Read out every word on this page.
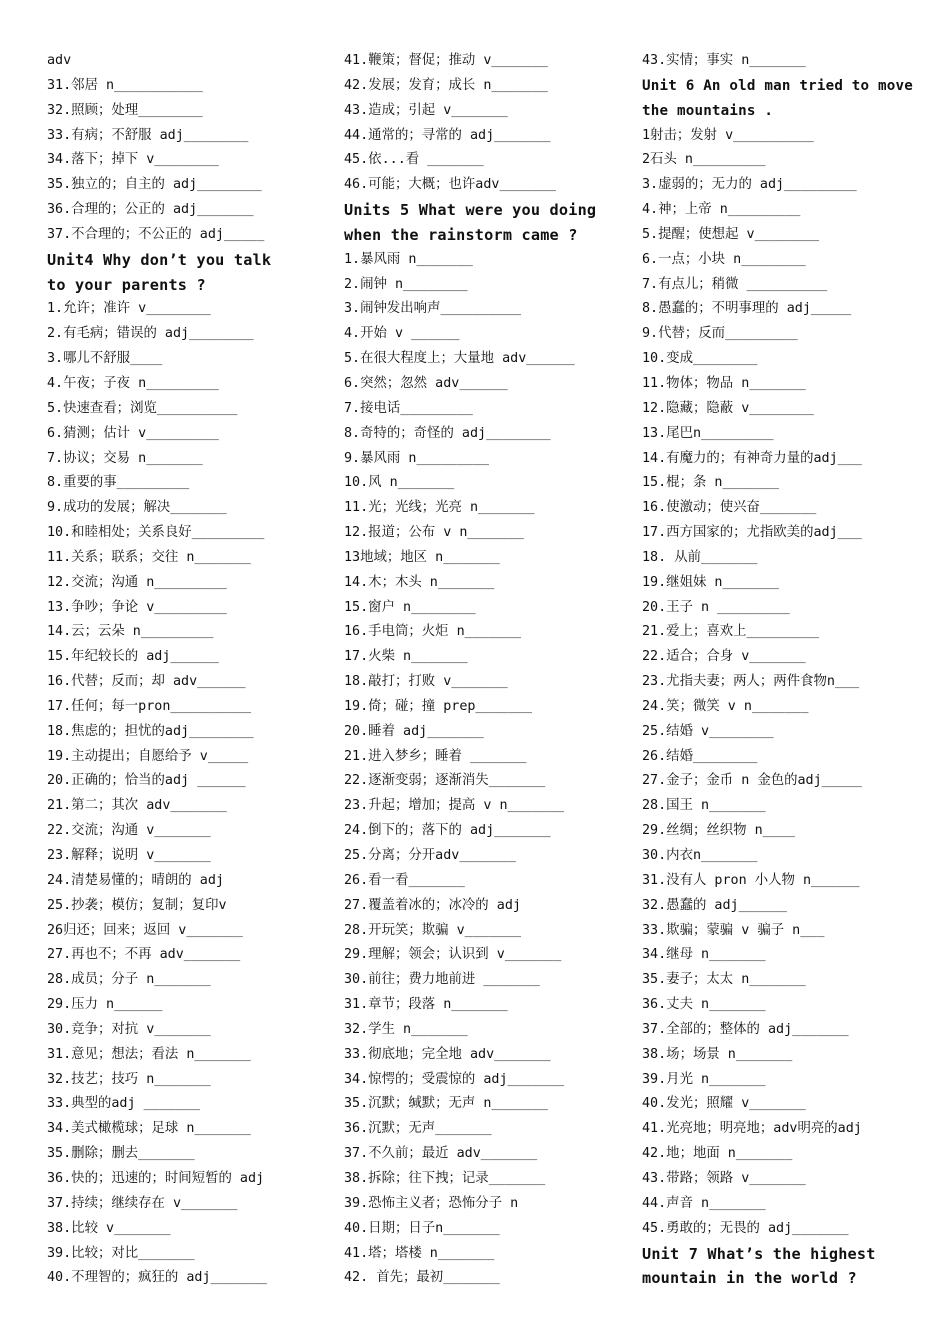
adv
31.邻居 n___________
32.照顾；处理________
33.有病；不舒服 adj________
34.落下；掉下 v________
35.独立的；自主的 adj________
36.合理的；公正的 adj_______
37.不合理的；不公正的 adj_____
Unit4 Why don’t you talk
to your parents ?
1.允许；准许 v________
2.有毛病；错误的 adj________
3.哪儿不舒服____
4.午夜；子夜 n_________
5.快速查看；浏览__________
6.猜测；估计 v_________
7.协议；交易 n_______
8.重要的事_________
9.成功的发展；解决_______
10.和睦相处；关系良好_________
11.关系；联系；交往 n_______
12.交流；沟通 n_________
13.争吵；争论 v_________
14.云；云朵 n_________
15.年纪较长的 adj______
16.代替；反而；却 adv______
17.任何；每一pron__________
18.焦虑的；担忧的adj________
19.主动提出；自愿给予 v_____
20.正确的；恰当的adj ______
21.第二；其次 adv_______
22.交流；沟通 v_______
23.解释；说明 v_______
24.清楚易懂的；晴朗的 adj
25.抄袭；模仿；复制；复印v
26归还；回来；返回 v_______
27.再也不；不再 adv_______
28.成员；分子 n_______
29.压力 n______
30.竞争；对抗 v_______
31.意见；想法；看法 n_______
32.技艺；技巧 n_______
33.典型的adj _______
34.美式橄榄球；足球 n_______
35.删除；删去_______
36.快的；迅速的；时间短暂的 adj
37.持续；继续存在 v_______
38.比较 v_______
39.比较；对比_______
40.不理智的；疯狂的 adj_______
41.鞭策；督促；推动 v_______
42.发展；发育；成长 n_______
43.造成；引起 v_______
44.通常的；寻常的 adj_______
45.依...看 _______
46.可能；大概；也许adv_______
Units 5 What were you doing
when the rainstorm came ?
1.暴风雨 n_______
2.闹钟 n________
3.闹钟发出响声__________
4.开始 v ______
5.在很大程度上；大量地 adv______
6.突然；忽然 adv______
7.接电话_________
8.奇特的；奇怪的 adj________
9.暴风雨 n_________
10.风 n_______
11.光；光线；光亮 n_______
12.报道；公布 v n_______
13地域；地区 n_______
14.木；木头 n_______
15.窗户 n________
16.手电筒；火炬 n_______
17.火柴 n_______
18.敲打；打败 v_______
19.倚；碰；撞 prep_______
20.睡着 adj_______
21.进入梦乡；睡着 _______
22.逐渐变弱；逐渐消失_______
23.升起；增加；提高 v n_______
24.倒下的；落下的 adj_______
25.分离；分开adv_______
26.看一看_______
27.覆盖着冰的；冰冷的 adj
28.开玩笑；欺骗 v_______
29.理解；领会；认识到 v_______
30.前往；费力地前进 _______
31.章节；段落 n_______
32.学生 n_______
33.彻底地；完全地 adv_______
34.惊愕的；受震惊的 adj_______
35.沉默；缄默；无声 n_______
36.沉默；无声_______
37.不久前；最近 adv_______
38.拆除；往下拽；记录_______
39.恐怖主义者；恐怖分子 n
40.日期；日子n_______
41.塔；塔楼 n_______
42. 首先；最初_______
43.实情；事实 n_______
Unit 6 An old man tried to move
the mountains .
1射击；发射 v__________
2石头 n_________
3.虚弱的；无力的 adj_________
4.神；上帝 n_________
5.提醒；使想起 v________
6.一点；小块 n________
7.有点儿；稍微 __________
8.愚蠢的；不明事理的 adj_____
9.代替；反而_________
10.变成________
11.物体；物品 n_______
12.隐藏；隐蔽 v________
13.尾巴n_________
14.有魔力的；有神奇力量的adj___
15.棍；条 n_______
16.使激动；使兴奋_______
17.西方国家的；尤指欧美的adj___
18. 从前_______
19.继姐妹 n_______
20.王子 n _________
21.爱上；喜欢上_________
22.适合；合身 v_______
23.尤指夫妻；两人；两件食物n___
24.笑；微笑 v n_______
25.结婚 v________
26.结婚________
27.金子；金币 n 金色的adj_____
28.国王 n_______
29.丝绸；丝织物 n____
30.内衣n_______
31.没有人 pron 小人物 n______
32.愚蠢的 adj______
33.欺骗；蒙骗 v 骗子 n___
34.继母 n_______
35.妻子；太太 n_______
36.丈夫 n_______
37.全部的；整体的 adj_______
38.场；场景 n_______
39.月光 n_______
40.发光；照耀 v_______
41.光亮地；明亮地；adv明亮的adj
42.地；地面 n_______
43.带路；领路 v_______
44.声音 n_______
45.勇敢的；无畏的 adj_______
Unit 7 What’s the highest
mountain in the world ?
